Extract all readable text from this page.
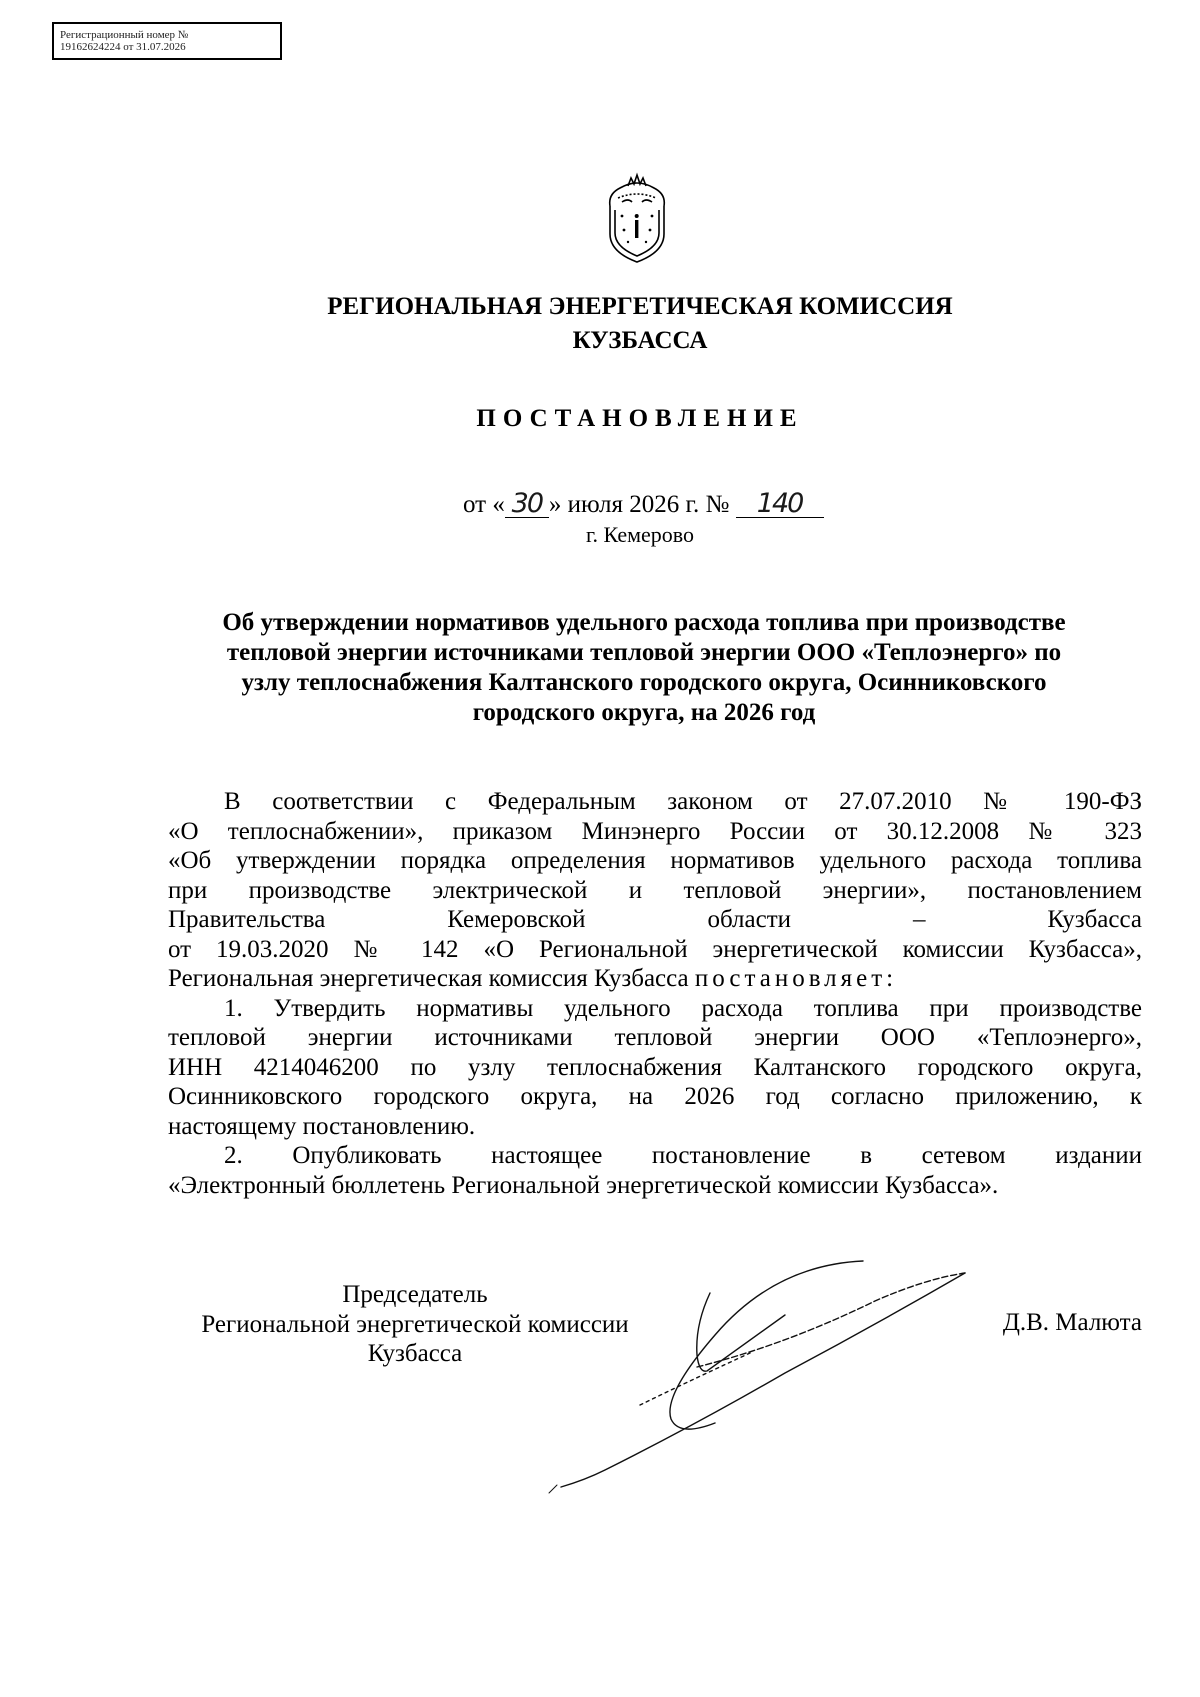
Регистрационный номер №
19162624224 от 31.07.2026
РЕГИОНАЛЬНАЯ ЭНЕРГЕТИЧЕСКАЯ КОМИССИЯ
КУЗБАССА
ПОСТАНОВЛЕНИЕ
от « 30 » июля 2026 г. № 140
г. Кемерово
Об утверждении нормативов удельного расхода топлива при производстве
тепловой энергии источниками тепловой энергии ООО «Теплоэнерго» по
узлу теплоснабжения Калтанского городского округа, Осинниковского
городского округа, на 2026 год

В соответствии с Федеральным законом от 27.07.2010 № 190-ФЗ

«О теплоснабжении», приказом Минэнерго России от 30.12.2008 № 323

«Об утверждении порядка определения нормативов удельного расхода топлива

при производстве электрической и тепловой энергии», постановлением

Правительства Кемеровской области – Кузбасса

от 19.03.2020 № 142 «О Региональной энергетической комиссии Кузбасса»,

Региональная энергетическая комиссия Кузбасса постановляет:

1. Утвердить нормативы удельного расхода топлива при производстве

тепловой энергии источниками тепловой энергии ООО «Теплоэнерго»,

ИНН 4214046200 по узлу теплоснабжения Калтанского городского округа,

Осинниковского городского округа, на 2026 год согласно приложению, к

настоящему постановлению.

2. Опубликовать настоящее постановление в сетевом издании

«Электронный бюллетень Региональной энергетической комиссии Кузбасса».

Председатель
Региональной энергетической комиссии
Кузбасса
Д.В. Малюта
